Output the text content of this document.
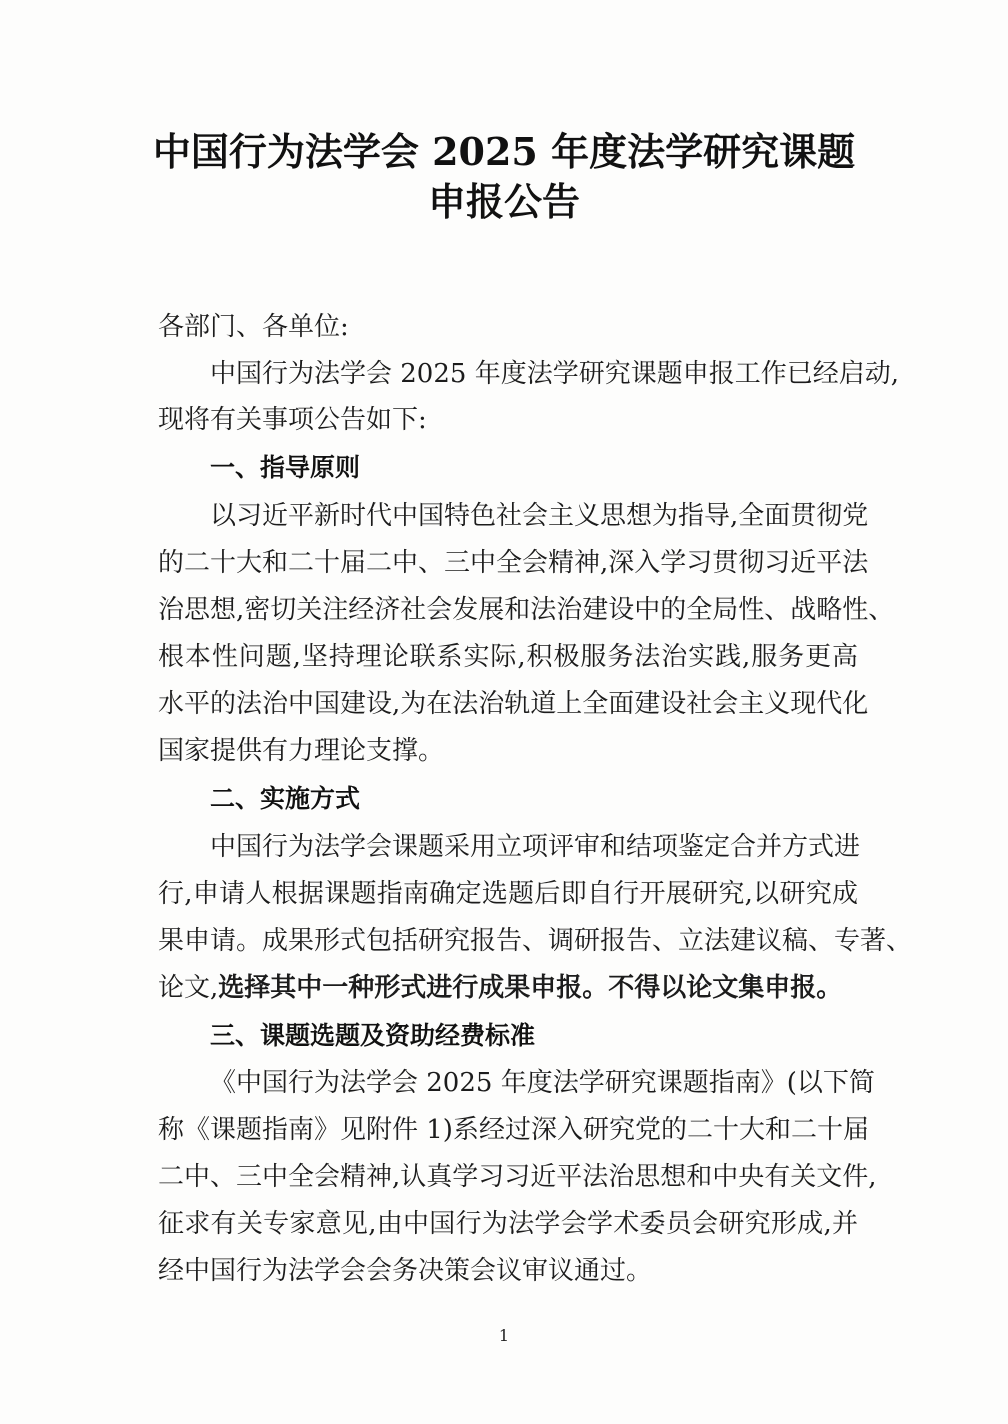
中国行为法学会 2025 年度法学研究课题
申报公告
各部门、各单位:
中国行为法学会 2025 年度法学研究课题申报工作已经启动,
现将有关事项公告如下:
一、指导原则
以习近平新时代中国特色社会主义思想为指导,全面贯彻党
的二十大和二十届二中、三中全会精神,深入学习贯彻习近平法
治思想,密切关注经济社会发展和法治建设中的全局性、战略性、
根本性问题,坚持理论联系实际,积极服务法治实践,服务更高
水平的法治中国建设,为在法治轨道上全面建设社会主义现代化
国家提供有力理论支撑。
二、实施方式
中国行为法学会课题采用立项评审和结项鉴定合并方式进
行,申请人根据课题指南确定选题后即自行开展研究,以研究成
果申请。成果形式包括研究报告、调研报告、立法建议稿、专著、
论文,选择其中一种形式进行成果申报。不得以论文集申报。
三、课题选题及资助经费标准
《中国行为法学会 2025 年度法学研究课题指南》(以下简
称《课题指南》见附件 1)系经过深入研究党的二十大和二十届
二中、三中全会精神,认真学习习近平法治思想和中央有关文件,
征求有关专家意见,由中国行为法学会学术委员会研究形成,并
经中国行为法学会会务决策会议审议通过。
1
